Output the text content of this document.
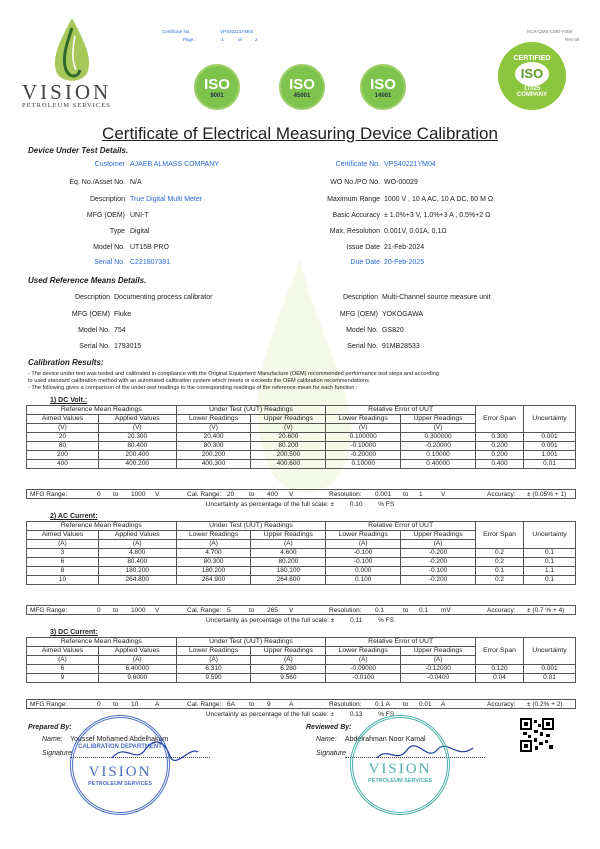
Certificate No.	VPS40221YM04
Page :	1	of	2
NCR-QMS-CMD-F008
Rev 00
VISION
PETROLEUM SERVICES
ISO
9001
ISO
45001
ISO
14001
CERTIFIED
ISO
17025
COMPANY
Certificate of Electrical Measuring Device Calibration
Device Under Test Details.
Customer AJAEB ALMASS COMPANY
Eq. No./Asset No. N/A
Description True Digital Multi Meter
MFG (OEM) UNI-T
Type Digital
Model No. UT15B PRO
Serial No. C221807381
Certificate No. VPS40221YM04
WO No./PO No. WO-00029
Maximum Range 1000 V , 10 A AC, 10 A DC, 60 M Ω
Basic Accuracy ± 1.0%+3 V, 1.0%+3 A , 0.5%+2 Ω
Max. Resolution 0.001V, 0.01A, 0.1Ω
Issue Date 21-Feb-2024
Due Date 20-Feb-2025
Used Reference Means Details.
Description Documenting process calibrator
MFG (OEM) Fluke
Model No. 754
Serial No. 1793015
Description Multi-Channel source measure unit
MFG (OEM) YOKOGAWA
Model No. GS820
Serial No. 91MB28533
Calibration Results:
- The device under test was tested and calibrated in compliance with the Original Equipment Manufacture (OEM) recommended performance test steps and according
to used standard calibration method with an automated calibration system which meets or exceeds the OEM calibration recommendations.
- The following gives a comparison of the under-test readings to the corresponding readings of the reference-mean for each function :
1) DC Volt.:
Reference Mean Readings		Under Test (UUT) Readings		Relative Error of UUT		Error Span	Uncertainty
Aimed Values	Applied Values	Lower Readings	Upper Readings	Lower Readings	Upper Readings		
(V)	(V)	(V)	(V)	(V)	(V)		
20	20.300	20.400	20.600	0.100000	0.300000	0.300	0.001
80	80.400	80.300	80.200	-0.10000	-0.20000	0.200	0.001
200	200.400	200.200	200.500	-0.20000	0.10000	0.200	1.001
400	400.200	400.300	400.600	0.10000	0.40000	0.400	0.01
MFG Range:	0 to 1000 V	Cal. Range: 20 to 400 V	Resolution: 0.001 to 1	V	Accuracy: ± (0.05% + 1)
Uncertainty as percentage of the full scale: ± 0.10 % FS
2) AC Current:
Reference Mean Readings		Under Test (UUT) Readings		Relative Error of UUT		Error Span	Uncertainty
Aimed Values	Applied Values	Lower Readings	Upper Readings	Lower Readings	Upper Readings		
(A)	(A)	(A)	(A)	(A)	(A)		
3	4.800	4.700	4.600	-0.100	-0.200	0.2	0.1
6	80.400	80.300	80.200	-0.100	-0.200	0.2	0.1
8	180.200	180.200	180.100	0.000	-0.100	0.1	1.1
10	264.800	264.900	264.600	0.100	-0.200	0.2	0.1
MFG Range:	0 to 1000 V	Cal. Range: 5	to 265 V	Resolution: 0.1	to 0.1 mV	Accuracy: ± (0.7 % + 4)
Uncertainty as percentage of the full scale: ± 0.11 % FS
3) DC Current:
Reference Mean Readings		Under Test (UUT) Readings		Relative Error of UUT		Error Span	Uncertainty
Aimed Values	Applied Values	Lower Readings	Upper Readings	Lower Readings	Upper Readings		
(A)	(A)	(A)	(A)	(A)	(A)		
6	6.40000	6.310	6.280	-0.09000	-0.12000	0.120	0.001
9	9.6000	9.590	9.560	-0.0100	-0.0400	0.04	0.01
MFG Range:	0 to 10	A	Cal. Range: 6A to 9	A	Resolution: 0.1 A to 0.01 A	Accuracy: ± (0.2% + 2)
Uncertainty as percentage of the full scale: ± 0.13 % FS
Prepared By:
Name: Youssef Mohamed Abdelhakam
Signature
Reviewed By:
Name: Abdelrahman Noor Kamal
Signature
CALIBRATION DEPARTMENT
VISION
PETROLEUM SERVICES
VISION
PETROLEUM SERVICES
